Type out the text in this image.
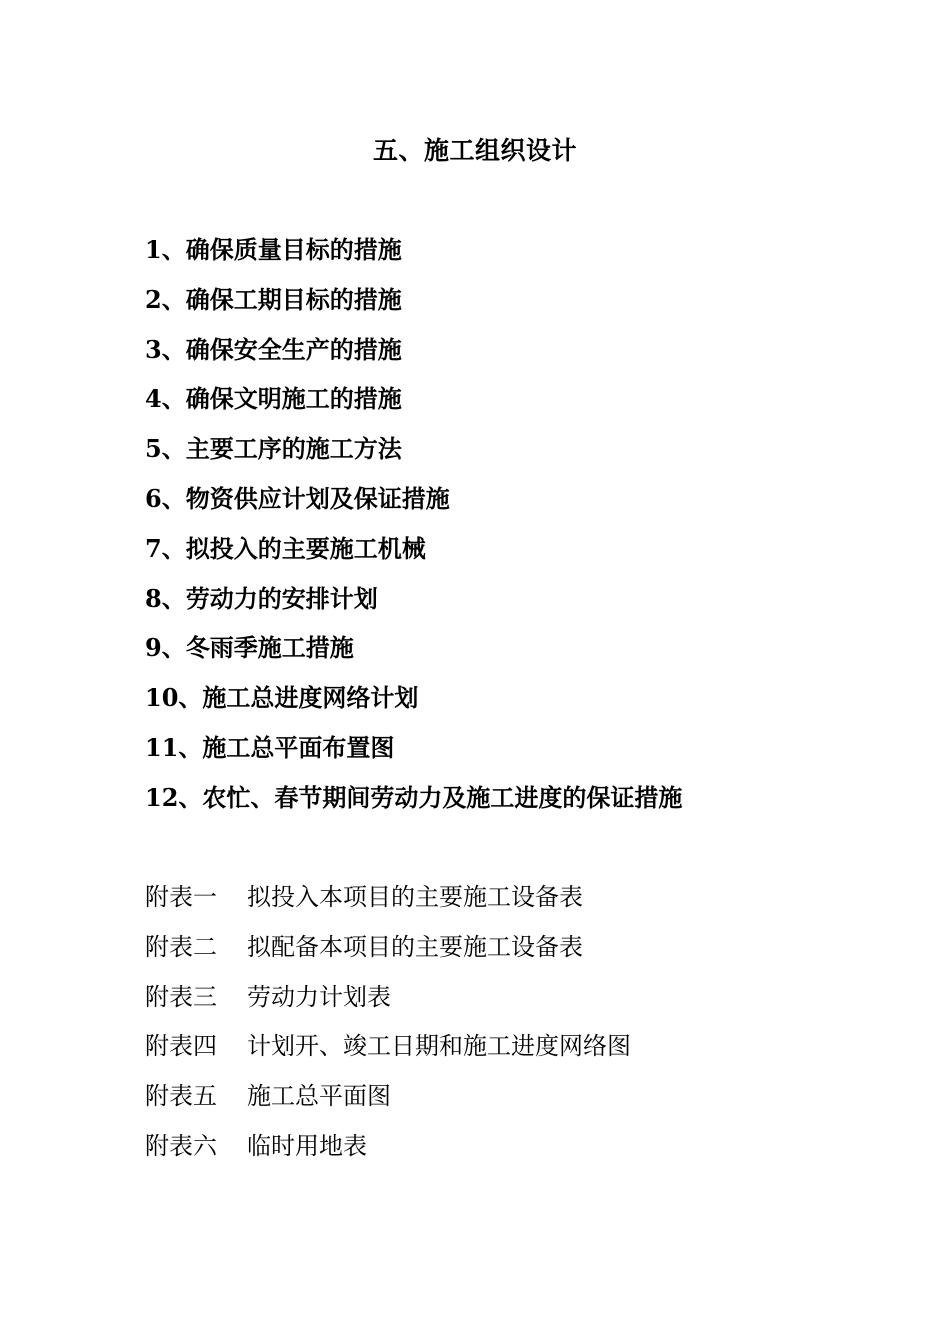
五、施工组织设计
1、确保质量目标的措施
2、确保工期目标的措施
3、确保安全生产的措施
4、确保文明施工的措施
5、主要工序的施工方法
6、物资供应计划及保证措施
7、拟投入的主要施工机械
8、劳动力的安排计划
9、冬雨季施工措施
10、施工总进度网络计划
11、施工总平面布置图
12、农忙、春节期间劳动力及施工进度的保证措施
附表一 拟投入本项目的主要施工设备表
附表二 拟配备本项目的主要施工设备表
附表三 劳动力计划表
附表四 计划开、竣工日期和施工进度网络图
附表五 施工总平面图
附表六 临时用地表
